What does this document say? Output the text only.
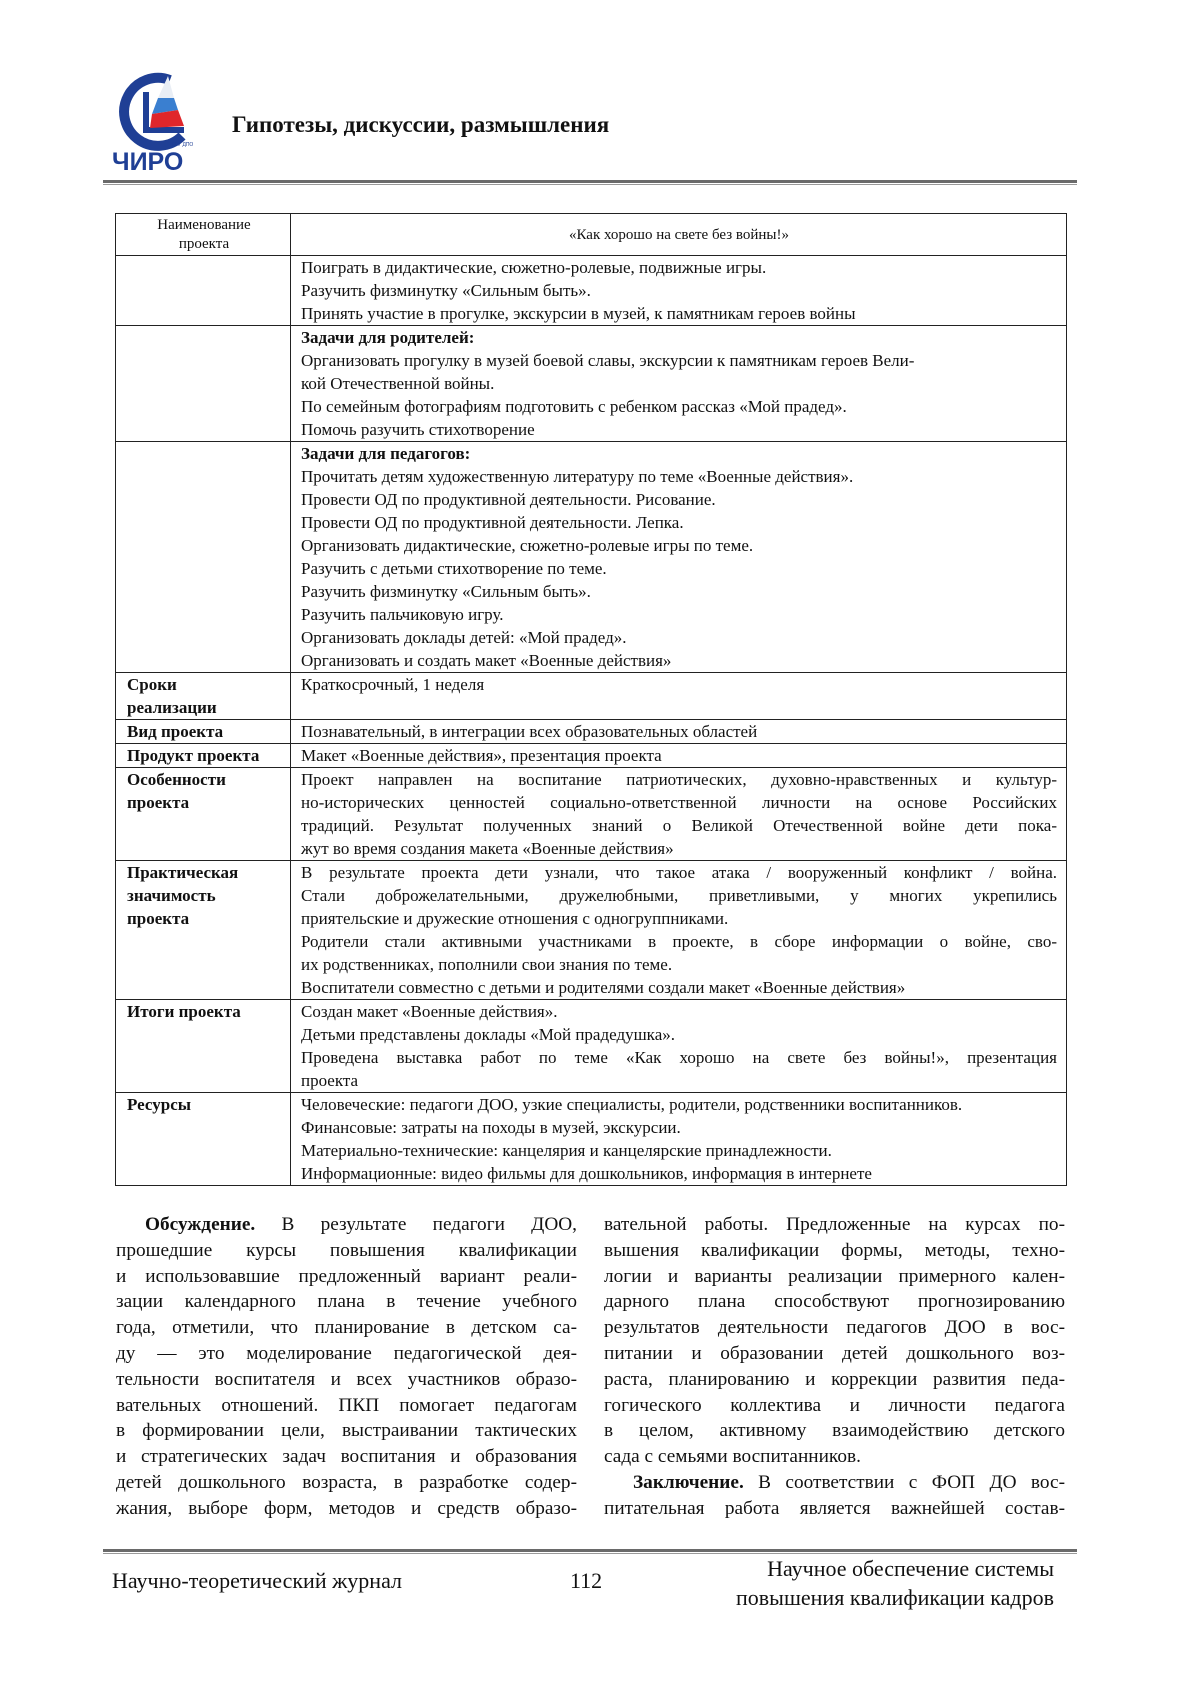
ГБУ ДПО
ЧИРО
Гипотезы, дискуссии, размышления
Наименование
проекта
	«Как хорошо на свете без войны!»

Поиграть в дидактические, сюжетно-ролевые, подвижные игры.
Разучить физминутку «Сильным быть».
Принять участие в прогулке, экскурсии в музей, к памятникам героев войны

Задачи для родителей:
Организовать прогулку в музей боевой славы, экскурсии к памятникам героев Вели-
кой Отечественной войны.
По семейным фотографиям подготовить с ребенком рассказ «Мой прадед».
Помочь разучить стихотворение

Задачи для педагогов:
Прочитать детям художественную литературу по теме «Военные действия».
Провести ОД по продуктивной деятельности. Рисование.
Провести ОД по продуктивной деятельности. Лепка.
Организовать дидактические, сюжетно-ролевые игры по теме.
Разучить с детьми стихотворение по теме.
Разучить физминутку «Сильным быть».
Разучить пальчиковую игру.
Организовать доклады детей: «Мой прадед».
Организовать и создать макет «Военные действия»

Сроки
реализации

Краткосрочный, 1 неделя

Вид проекта	Познавательный, в интеграции всех образовательных областей

Продукт проекта	Макет «Военные действия», презентация проекта

Особенности
проекта

Проект направлен на воспитание патриотических, духовно-нравственных и культур-
но-исторических ценностей социально-ответственной личности на основе Российских
традиций. Результат полученных знаний о Великой Отечественной войне дети пока-
жут во время создания макета «Военные действия»

Практическая
значимость
проекта

В результате проекта дети узнали, что такое атака / вооруженный конфликт / война.
Стали доброжелательными, дружелюбными, приветливыми, у многих укрепились
приятельские и дружеские отношения с одногруппниками.
Родители стали активными участниками в проекте, в сборе информации о войне, сво-
их родственниках, пополнили свои знания по теме.
Воспитатели совместно с детьми и родителями создали макет «Военные действия»

Итоги проекта	Создан макет «Военные действия».
Детьми представлены доклады «Мой прадедушка».
Проведена выставка работ по теме «Как хорошо на свете без войны!», презентация
проекта

Ресурсы	Человеческие: педагоги ДОО, узкие специалисты, родители, родственники воспитанников.
Финансовые: затраты на походы в музей, экскурсии.
Материально-технические: канцелярия и канцелярские принадлежности.
Информационные: видео фильмы для дошкольников, информация в интернете
Обсуждение. В результате педагоги ДОО,
прошедшие курсы повышения квалификации
и использовавшие предложенный вариант реали-
зации календарного плана в течение учебного
года, отметили, что планирование в детском са-
ду — это моделирование педагогической дея-
тельности воспитателя и всех участников образо-
вательных отношений. ПКП помогает педагогам
в формировании цели, выстраивании тактических
и стратегических задач воспитания и образования
детей дошкольного возраста, в разработке содер-
жания, выборе форм, методов и средств образо-
вательной работы. Предложенные на курсах по-
вышения квалификации формы, методы, техно-
логии и варианты реализации примерного кален-
дарного плана способствуют прогнозированию
результатов деятельности педагогов ДОО в вос-
питании и образовании детей дошкольного воз-
раста, планированию и коррекции развития педа-
гогического коллектива и личности педагога
в целом, активному взаимодействию детского
сада с семьями воспитанников.
Заключение. В соответствии с ФОП ДО вос-
питательная работа является важнейшей состав-
Научно-теоретический журнал	112	Научное обеспечение системы
повышения квалификации кадров
